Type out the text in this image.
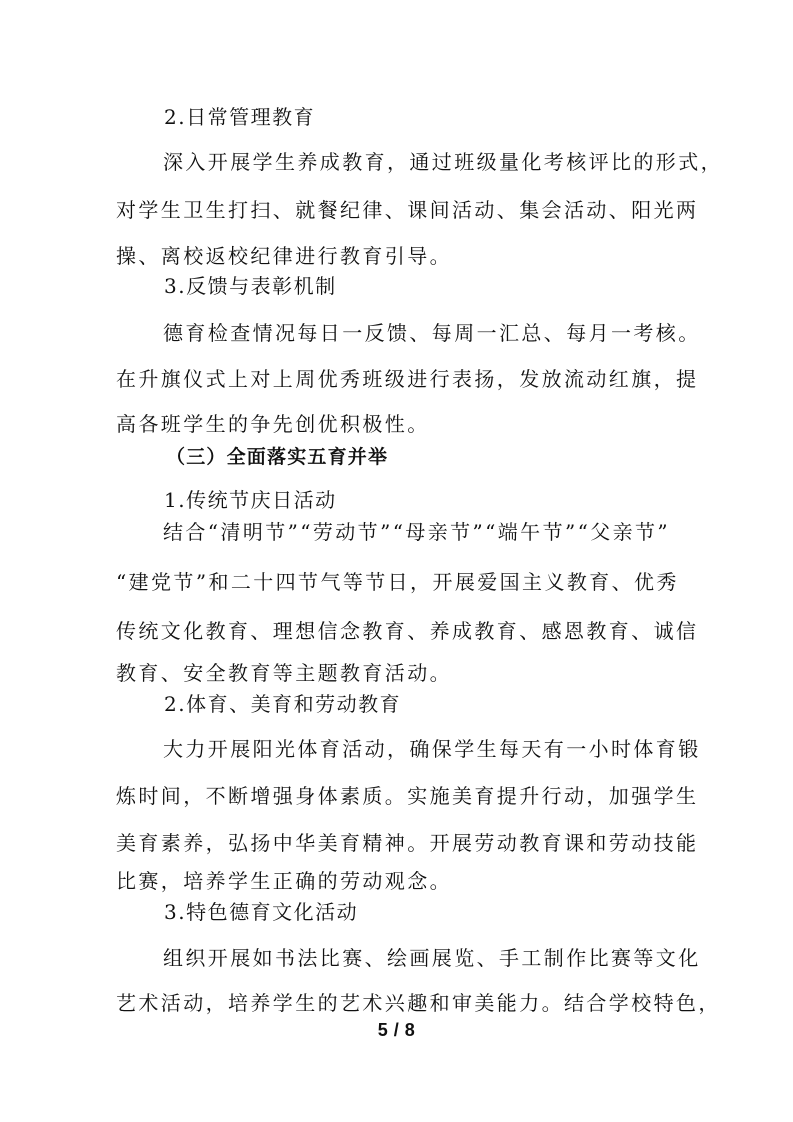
2.日常管理教育
深入开展学生养成教育，通过班级量化考核评比的形式，
对学生卫生打扫、就餐纪律、课间活动、集会活动、阳光两
操、离校返校纪律进行教育引导。
3.反馈与表彰机制
德育检查情况每日一反馈、每周一汇总、每月一考核。
在升旗仪式上对上周优秀班级进行表扬，发放流动红旗，提
高各班学生的争先创优积极性。
（三）全面落实五育并举
1.传统节庆日活动
结合“清明节”“劳动节”“母亲节”“端午节”“父亲节”
“建党节”和二十四节气等节日，开展爱国主义教育、优秀
传统文化教育、理想信念教育、养成教育、感恩教育、诚信
教育、安全教育等主题教育活动。
2.体育、美育和劳动教育
大力开展阳光体育活动，确保学生每天有一小时体育锻
炼时间，不断增强身体素质。实施美育提升行动，加强学生
美育素养，弘扬中华美育精神。开展劳动教育课和劳动技能
比赛，培养学生正确的劳动观念。
3.特色德育文化活动
组织开展如书法比赛、绘画展览、手工制作比赛等文化
艺术活动，培养学生的艺术兴趣和审美能力。结合学校特色，
5 / 8
